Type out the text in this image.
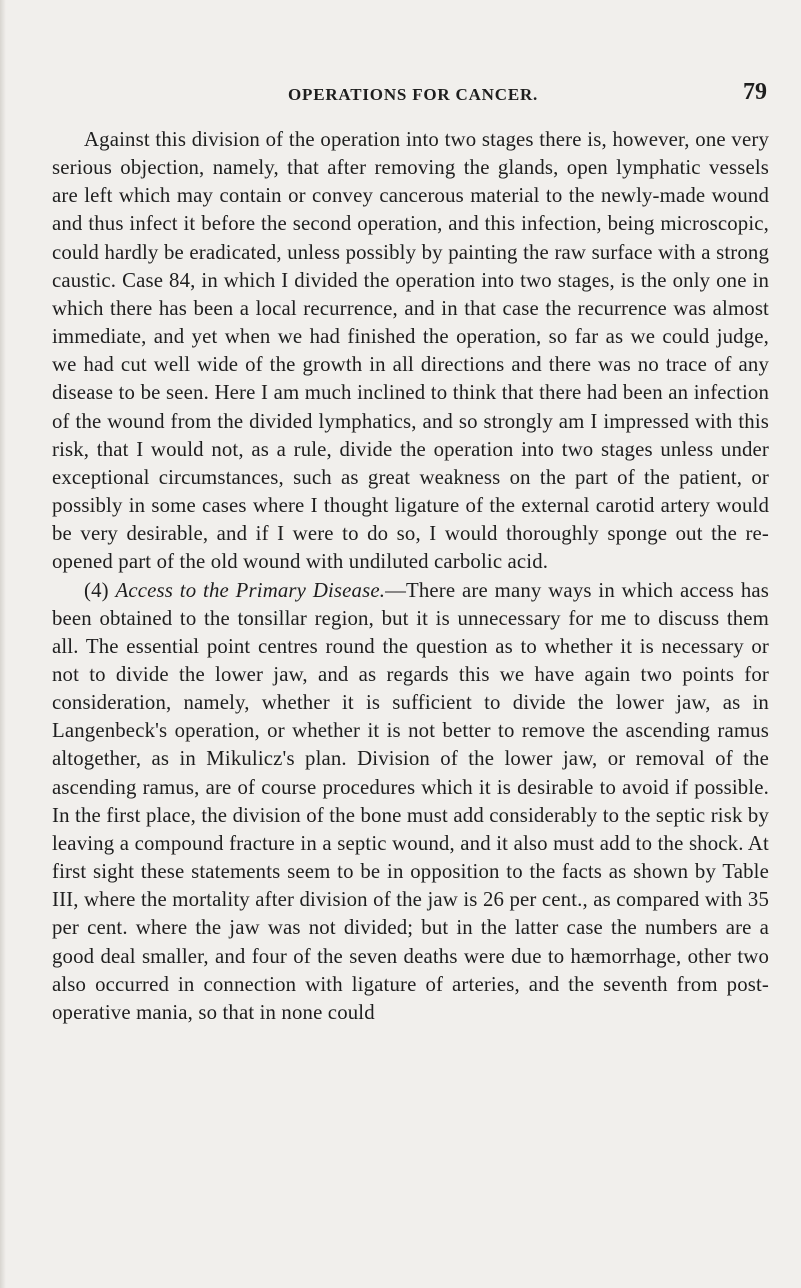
OPERATIONS FOR CANCER.	79

Against this division of the operation into two stages there is, however, one very serious objection, namely, that after removing the glands, open lymphatic vessels are left which may contain or convey cancerous material to the newly-made wound and thus infect it before the second operation, and this infection, being microscopic, could hardly be eradicated, unless possibly by painting the raw surface with a strong caustic. Case 84, in which I divided the operation into two stages, is the only one in which there has been a local recurrence, and in that case the recurrence was almost immediate, and yet when we had finished the operation, so far as we could judge, we had cut well wide of the growth in all directions and there was no trace of any disease to be seen. Here I am much inclined to think that there had been an infection of the wound from the divided lymphatics, and so strongly am I impressed with this risk, that I would not, as a rule, divide the operation into two stages unless under exceptional circumstances, such as great weakness on the part of the patient, or possibly in some cases where I thought ligature of the external carotid artery would be very desirable, and if I were to do so, I would thoroughly sponge out the re-opened part of the old wound with undiluted carbolic acid.

(4) Access to the Primary Disease.—There are many ways in which access has been obtained to the tonsillar region, but it is unnecessary for me to discuss them all. The essential point centres round the question as to whether it is necessary or not to divide the lower jaw, and as regards this we have again two points for consideration, namely, whether it is sufficient to divide the lower jaw, as in Langenbeck's operation, or whether it is not better to remove the ascending ramus altogether, as in Mikulicz's plan. Division of the lower jaw, or removal of the ascending ramus, are of course procedures which it is desirable to avoid if possible. In the first place, the division of the bone must add considerably to the septic risk by leaving a compound fracture in a septic wound, and it also must add to the shock. At first sight these statements seem to be in opposition to the facts as shown by Table III, where the mortality after division of the jaw is 26 per cent., as compared with 35 per cent. where the jaw was not divided; but in the latter case the numbers are a good deal smaller, and four of the seven deaths were due to hæmorrhage, other two also occurred in connection with ligature of arteries, and the seventh from post-operative mania, so that in none could
